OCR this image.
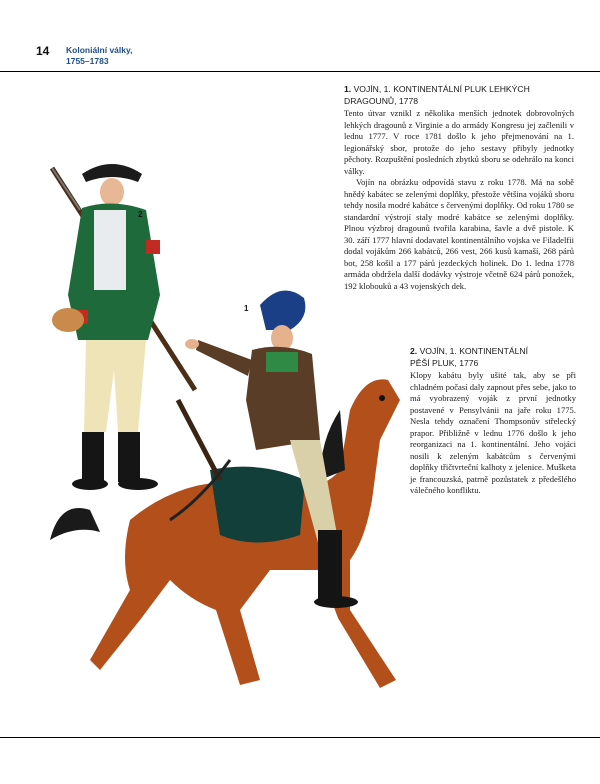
14 Koloniální války,
1755–1783
2
1
1. VOJÍN, 1. KONTINENTÁLNÍ PLUK LEHKÝCH
DRAGOUNŮ, 1778

Tento útvar vznikl z několika menších jednotek dobrovolných lehkých dragounů z Virginie a do armády Kongresu jej začlenili v lednu 1777. V roce 1781 došlo k jeho přejmenování na 1. legionářský sbor, protože do jeho sestavy přibyly jednotky pěchoty. Rozpuštění posledních zbytků sboru se odehrálo na konci války.

Vojín na obrázku odpovídá stavu z roku 1778. Má na sobě hnědý kabátec se zelenými doplňky, přestože většina vojáků sboru tehdy nosila modré kabátce s červenými doplňky. Od roku 1780 se standardní výstrojí staly modré kabátce se zelenými doplňky. Plnou výzbroj dragounů tvořila karabina, šavle a dvě pistole. K 30. září 1777 hlavní dodavatel kontinentálního vojska ve Filadelfii dodal vojákům 266 kabátců, 266 vest, 266 kusů kamaší, 268 párů bot, 258 košil a 177 párů jezdeckých holinek. Do 1. ledna 1778 armáda obdržela další dodávky výstroje včetně 624 párů ponožek, 192 klobouků a 43 vojenských dek.

2. VOJÍN, 1. KONTINENTÁLNÍ
PĚŠÍ PLUK, 1776

Klopy kabátu byly ušité tak, aby se při chladném počasí daly zapnout přes sebe, jako to má vyobrazený voják z první jednotky postavené v Pensylvánii na jaře roku 1775. Nesla tehdy označení Thompsonův střelecký prapor. Přibližně v lednu 1776 došlo k jeho reorganizaci na 1. kontinentální. Jeho vojáci nosili k zeleným kabátcům s červenými doplňky třičtvrteční kalhoty z jelenice. Mušketa je francouzská, patrně pozůstatek z předešlého válečného konfliktu.
